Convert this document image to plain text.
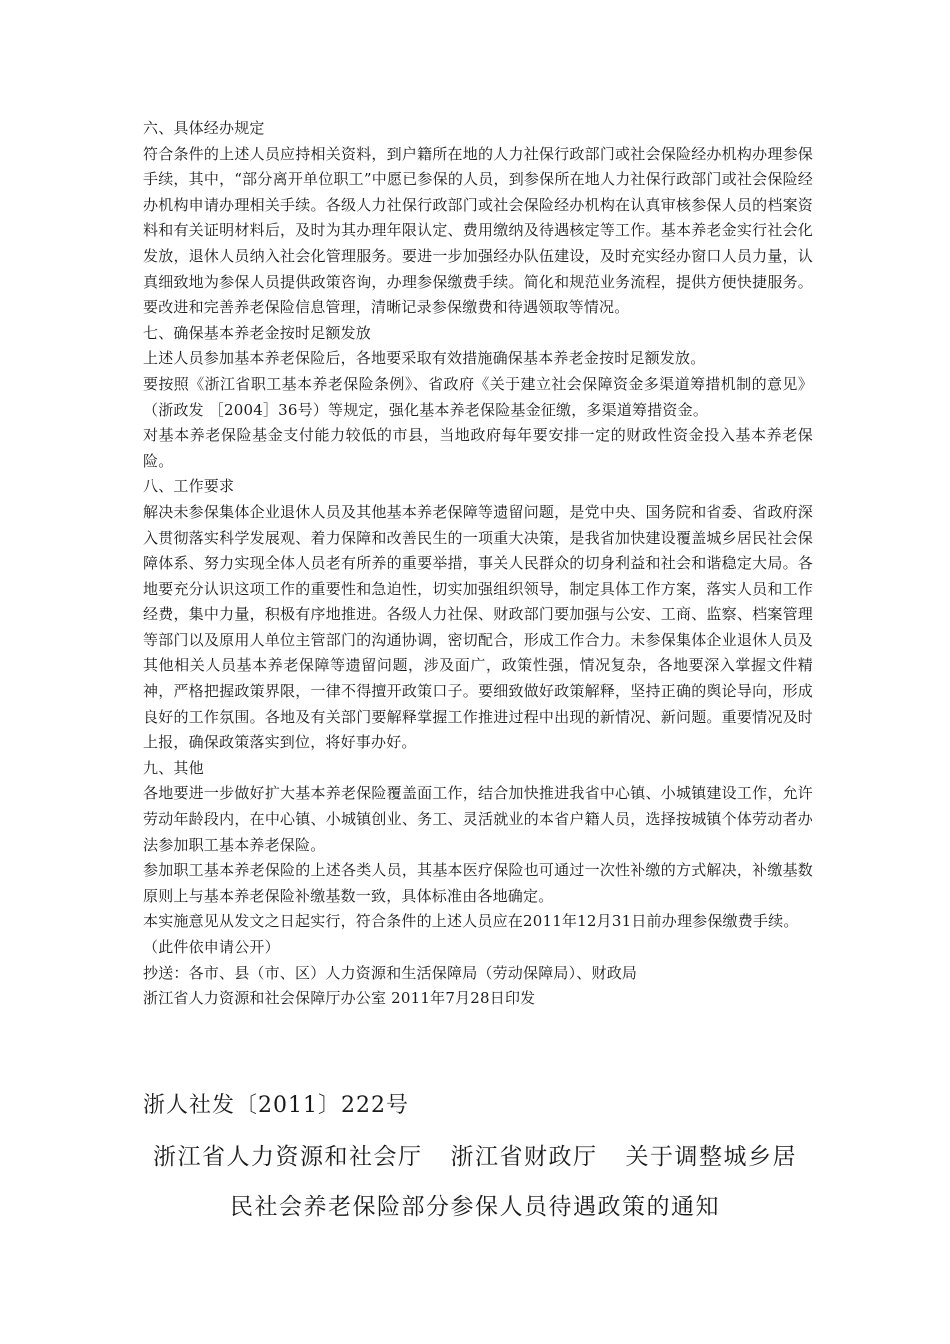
六、具体经办规定

符合条件的上述人员应持相关资料，到户籍所在地的人力社保行政部门或社会保险经办机构办理参保手续，其中，“部分离开单位职工”中愿已参保的人员，到参保所在地人力社保行政部门或社会保险经办机构申请办理相关手续。各级人力社保行政部门或社会保险经办机构在认真审核参保人员的档案资料和有关证明材料后，及时为其办理年限认定、费用缴纳及待遇核定等工作。基本养老金实行社会化发放，退休人员纳入社会化管理服务。要进一步加强经办队伍建设，及时充实经办窗口人员力量，认真细致地为参保人员提供政策咨询，办理参保缴费手续。简化和规范业务流程，提供方便快捷服务。要改进和完善养老保险信息管理，清晰记录参保缴费和待遇领取等情况。

七、确保基本养老金按时足额发放

上述人员参加基本养老保险后，各地要采取有效措施确保基本养老金按时足额发放。

要按照《浙江省职工基本养老保险条例》、省政府《关于建立社会保障资金多渠道筹措机制的意见》（浙政发 ［2004］36号）等规定，强化基本养老保险基金征缴，多渠道筹措资金。

对基本养老保险基金支付能力较低的市县，当地政府每年要安排一定的财政性资金投入基本养老保险。

八、工作要求

解决未参保集体企业退休人员及其他基本养老保障等遗留问题，是党中央、国务院和省委、省政府深入贯彻落实科学发展观、着力保障和改善民生的一项重大决策，是我省加快建设覆盖城乡居民社会保障体系、努力实现全体人员老有所养的重要举措，事关人民群众的切身利益和社会和谐稳定大局。各地要充分认识这项工作的重要性和急迫性，切实加强组织领导，制定具体工作方案，落实人员和工作经费，集中力量，积极有序地推进。各级人力社保、财政部门要加强与公安、工商、监察、档案管理等部门以及原用人单位主管部门的沟通协调，密切配合，形成工作合力。未参保集体企业退休人员及其他相关人员基本养老保障等遗留问题，涉及面广，政策性强，情况复杂，各地要深入掌握文件精神，严格把握政策界限，一律不得擅开政策口子。要细致做好政策解释，坚持正确的舆论导向，形成良好的工作氛围。各地及有关部门要解释掌握工作推进过程中出现的新情况、新问题。重要情况及时上报，确保政策落实到位，将好事办好。

九、其他

各地要进一步做好扩大基本养老保险覆盖面工作，结合加快推进我省中心镇、小城镇建设工作，允许劳动年龄段内，在中心镇、小城镇创业、务工、灵活就业的本省户籍人员，选择按城镇个体劳动者办法参加职工基本养老保险。

参加职工基本养老保险的上述各类人员，其基本医疗保险也可通过一次性补缴的方式解决，补缴基数原则上与基本养老保险补缴基数一致，具体标准由各地确定。

本实施意见从发文之日起实行，符合条件的上述人员应在2011年12月31日前办理参保缴费手续。

（此件依申请公开）

抄送：各市、县（市、区）人力资源和生活保障局（劳动保障局）、财政局

浙江省人力资源和社会保障厅办公室 2011年7月28日印发

浙人社发〔2011〕222号
浙江省人力资源和社会厅 浙江省财政厅 关于调整城乡居
民社会养老保险部分参保人员待遇政策的通知
